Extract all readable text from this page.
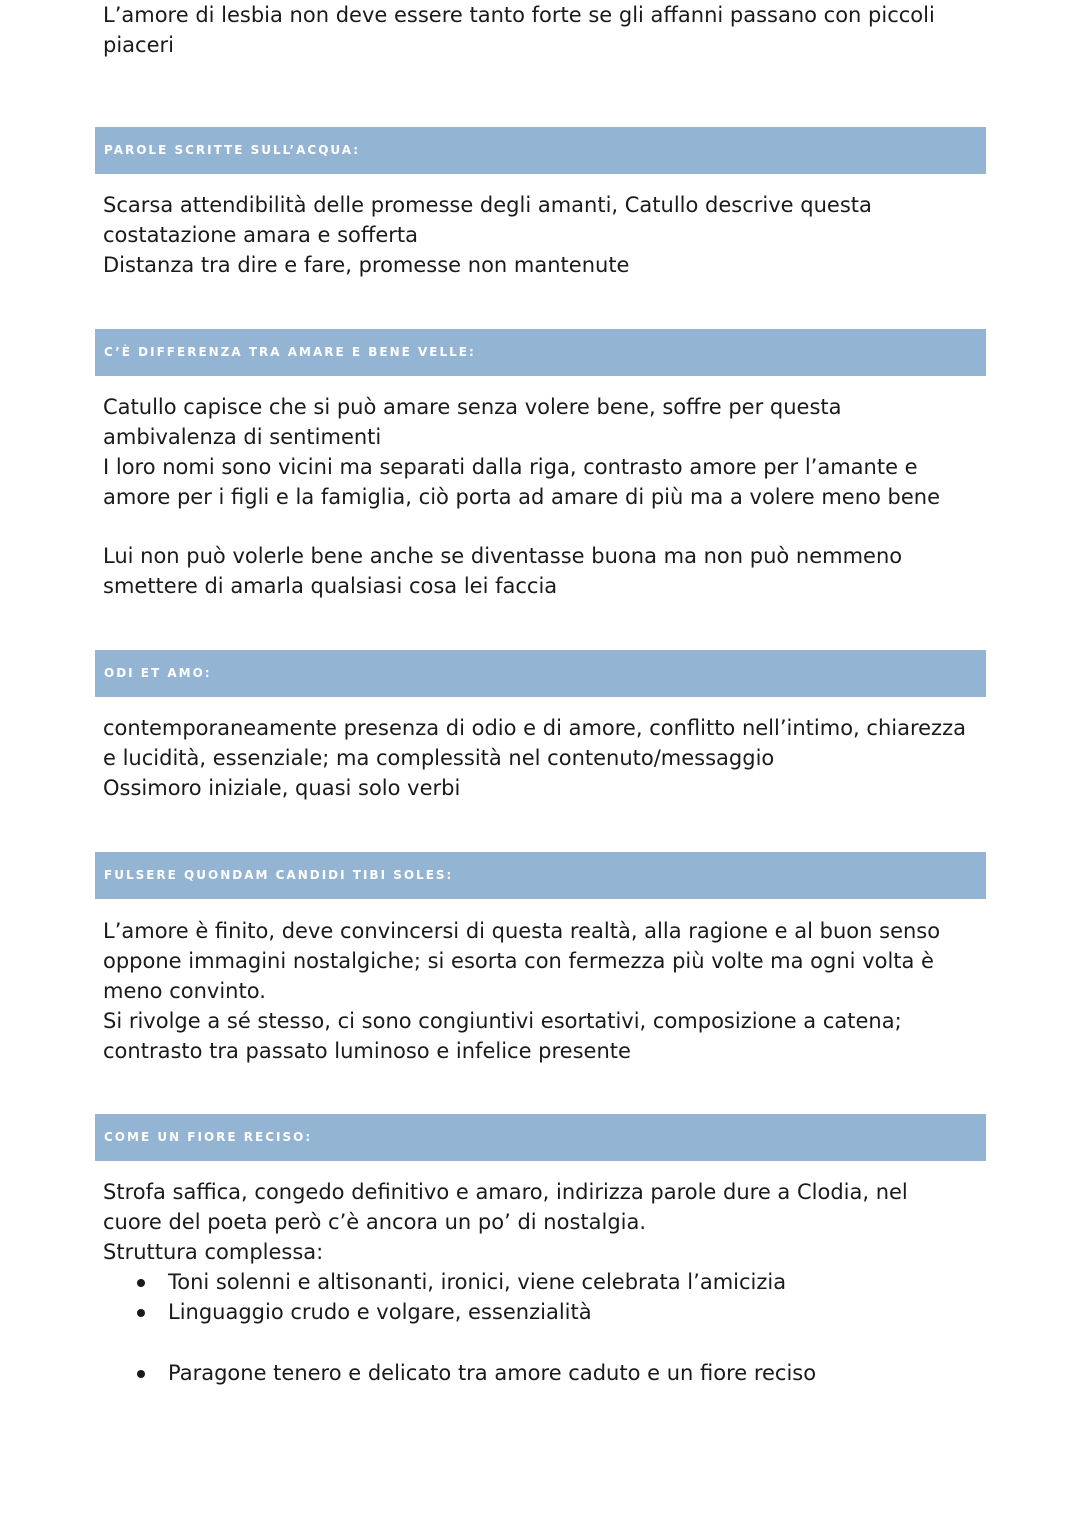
L’amore di lesbia non deve essere tanto forte se gli affanni passano con piccoli
piaceri
PAROLE SCRITTE SULL’ACQUA:
Scarsa attendibilità delle promesse degli amanti, Catullo descrive questa
costatazione amara e sofferta
Distanza tra dire e fare, promesse non mantenute
C’È DIFFERENZA TRA AMARE E BENE VELLE:
Catullo capisce che si può amare senza volere bene, soffre per questa
ambivalenza di sentimenti
I loro nomi sono vicini ma separati dalla riga, contrasto amore per l’amante e
amore per i figli e la famiglia, ciò porta ad amare di più ma a volere meno bene
Lui non può volerle bene anche se diventasse buona ma non può nemmeno
smettere di amarla qualsiasi cosa lei faccia
ODI ET AMO:
contemporaneamente presenza di odio e di amore, conflitto nell’intimo, chiarezza
e lucidità, essenziale; ma complessità nel contenuto/messaggio
Ossimoro iniziale, quasi solo verbi
FULSERE QUONDAM CANDIDI TIBI SOLES:
L’amore è finito, deve convincersi di questa realtà, alla ragione e al buon senso
oppone immagini nostalgiche; si esorta con fermezza più volte ma ogni volta è
meno convinto.
Si rivolge a sé stesso, ci sono congiuntivi esortativi, composizione a catena;
contrasto tra passato luminoso e infelice presente
COME UN FIORE RECISO:
Strofa saffica, congedo definitivo e amaro, indirizza parole dure a Clodia, nel
cuore del poeta però c’è ancora un po’ di nostalgia.
Struttura complessa:
Toni solenni e altisonanti, ironici, viene celebrata l’amicizia
Linguaggio crudo e volgare, essenzialità
Paragone tenero e delicato tra amore caduto e un fiore reciso
